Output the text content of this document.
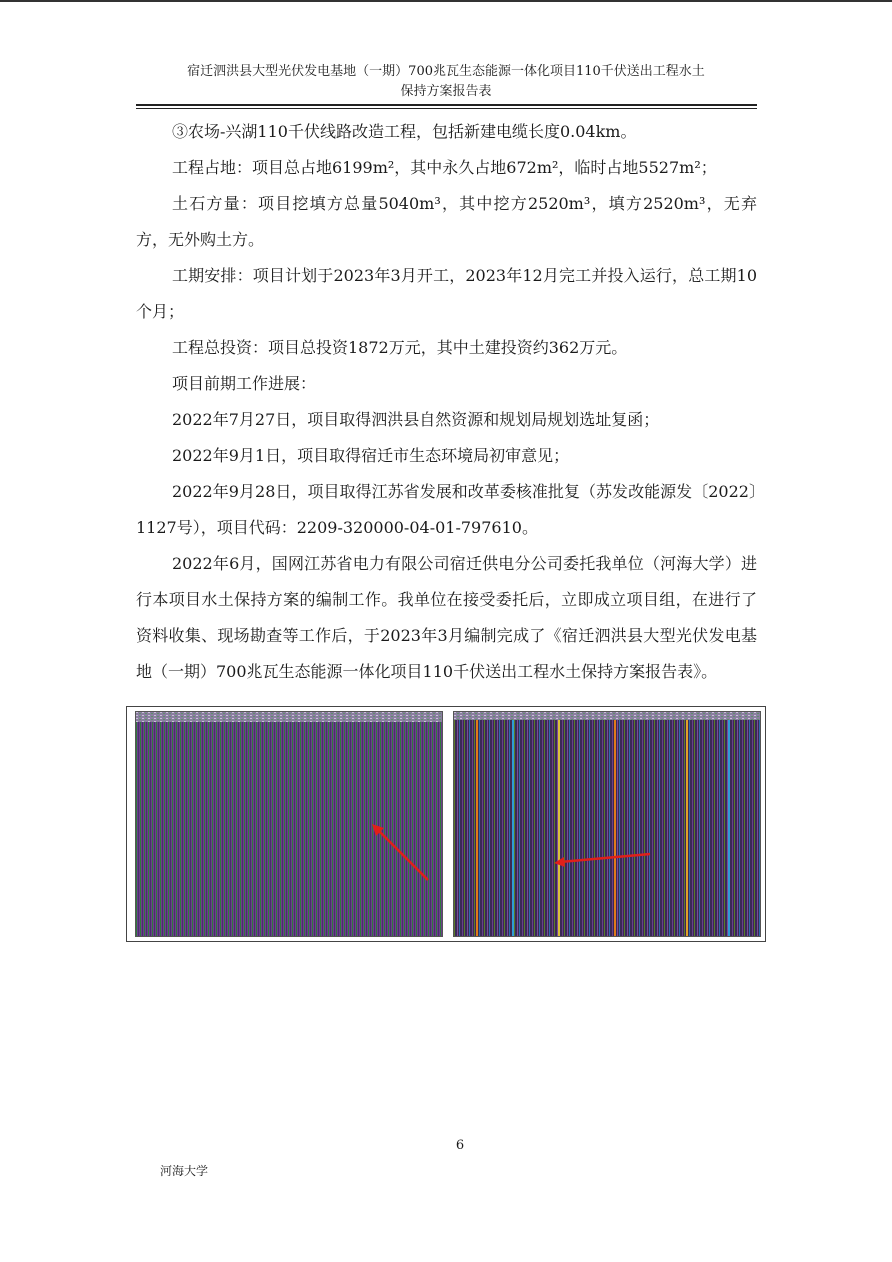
宿迁泗洪县大型光伏发电基地（一期）700兆瓦生态能源一体化项目110千伏送出工程水土
保持方案报告表

③农场-兴湖110千伏线路改造工程，包括新建电缆长度0.04km。

工程占地：项目总占地6199m²，其中永久占地672m²，临时占地5527m²；

土石方量：项目挖填方总量5040m³，其中挖方2520m³，填方2520m³，无弃方，无外购土方。

工期安排：项目计划于2023年3月开工，2023年12月完工并投入运行，总工期10个月；

工程总投资：项目总投资1872万元，其中土建投资约362万元。

项目前期工作进展：

2022年7月27日，项目取得泗洪县自然资源和规划局规划选址复函；

2022年9月1日，项目取得宿迁市生态环境局初审意见；

2022年9月28日，项目取得江苏省发展和改革委核准批复（苏发改能源发〔2022〕1127号），项目代码：2209-320000-04-01-797610。

2022年6月，国网江苏省电力有限公司宿迁供电分公司委托我单位（河海大学）进行本项目水土保持方案的编制工作。我单位在接受委托后，立即成立项目组，在进行了资料收集、现场勘查等工作后，于2023年3月编制完成了《宿迁泗洪县大型光伏发电基地（一期）700兆瓦生态能源一体化项目110千伏送出工程水土保持方案报告表》。

6
河海大学
